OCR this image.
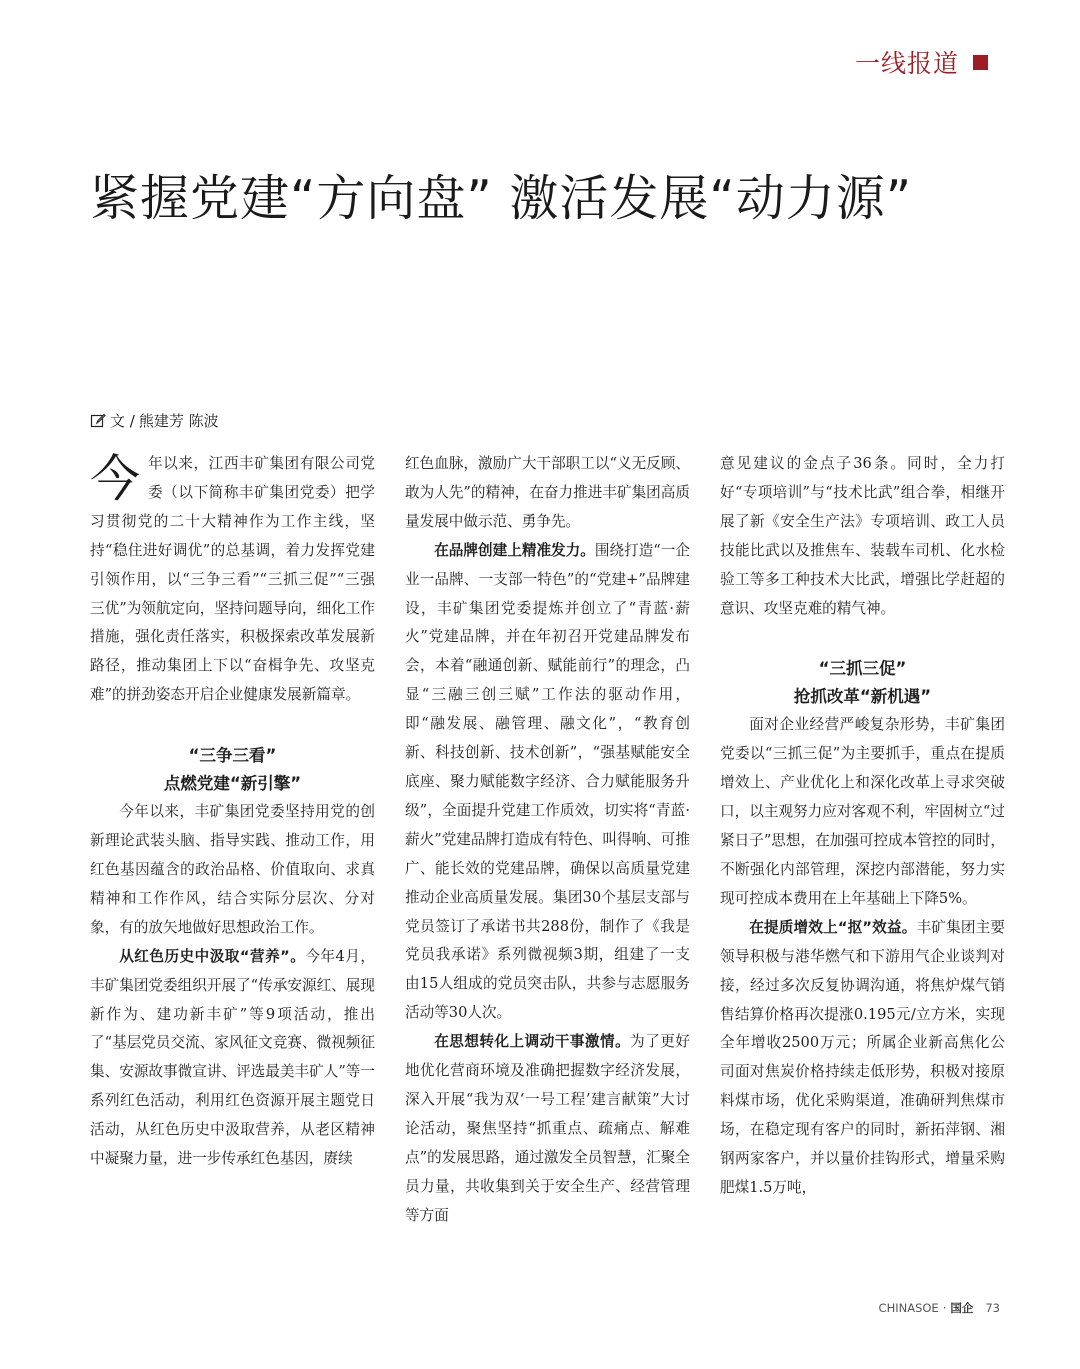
一线报道
紧握党建“方向盘” 激活发展“动力源”
文 / 熊建芳 陈波

今年以来，江西丰矿集团有限公司党委（以下简称丰矿集团党委）把学习贯彻党的二十大精神作为工作主线，坚持“稳住进好调优”的总基调，着力发挥党建引领作用，以“三争三看”“三抓三促”“三强三优”为领航定向，坚持问题导向，细化工作措施，强化责任落实，积极探索改革发展新路径，推动集团上下以“奋楫争先、攻坚克难”的拼劲姿态开启企业健康发展新篇章。

“三争三看”
点燃党建“新引擎”

今年以来，丰矿集团党委坚持用党的创新理论武装头脑、指导实践、推动工作，用红色基因蕴含的政治品格、价值取向、求真精神和工作作风，结合实际分层次、分对象，有的放矢地做好思想政治工作。

从红色历史中汲取“营养”。今年4月，丰矿集团党委组织开展了“传承安源红、展现新作为、建功新丰矿”等9项活动，推出了“基层党员交流、家风征文竞赛、微视频征集、安源故事微宣讲、评选最美丰矿人”等一系列红色活动，利用红色资源开展主题党日活动，从红色历史中汲取营养，从老区精神中凝聚力量，进一步传承红色基因，赓续

红色血脉，激励广大干部职工以“义无反顾、敢为人先”的精神，在奋力推进丰矿集团高质量发展中做示范、勇争先。

在品牌创建上精准发力。围绕打造“一企业一品牌、一支部一特色”的“党建+”品牌建设，丰矿集团党委提炼并创立了“青蓝·薪火”党建品牌，并在年初召开党建品牌发布会，本着“融通创新、赋能前行”的理念，凸显“三融三创三赋”工作法的驱动作用，即“融发展、融管理、融文化”，“教育创新、科技创新、技术创新”，“强基赋能安全底座、聚力赋能数字经济、合力赋能服务升级”，全面提升党建工作质效，切实将“青蓝·薪火”党建品牌打造成有特色、叫得响、可推广、能长效的党建品牌，确保以高质量党建推动企业高质量发展。集团30个基层支部与党员签订了承诺书共288份，制作了《我是党员我承诺》系列微视频3期，组建了一支由15人组成的党员突击队，共参与志愿服务活动等30人次。

在思想转化上调动干事激情。为了更好地优化营商环境及准确把握数字经济发展，深入开展“我为双‘一号工程’建言献策”大讨论活动，聚焦坚持“抓重点、疏痛点、解难点”的发展思路，通过激发全员智慧，汇聚全员力量，共收集到关于安全生产、经营管理等方面

意见建议的金点子36条。同时，全力打好“专项培训”与“技术比武”组合拳，相继开展了新《安全生产法》专项培训、政工人员技能比武以及推焦车、装载车司机、化水检验工等多工种技术大比武，增强比学赶超的意识、攻坚克难的精气神。

“三抓三促”
抢抓改革“新机遇”

面对企业经营严峻复杂形势，丰矿集团党委以“三抓三促”为主要抓手，重点在提质增效上、产业优化上和深化改革上寻求突破口，以主观努力应对客观不利，牢固树立“过紧日子”思想，在加强可控成本管控的同时，不断强化内部管理，深挖内部潜能，努力实现可控成本费用在上年基础上下降5%。

在提质增效上“抠”效益。丰矿集团主要领导积极与港华燃气和下游用气企业谈判对接，经过多次反复协调沟通，将焦炉煤气销售结算价格再次提涨0.195元/立方米，实现全年增收2500万元；所属企业新高焦化公司面对焦炭价格持续走低形势，积极对接原料煤市场，优化采购渠道，准确研判焦煤市场，在稳定现有客户的同时，新拓萍钢、湘钢两家客户，并以量价挂钩形式，增量采购肥煤1.5万吨，

CHINASOE · 国企 73
